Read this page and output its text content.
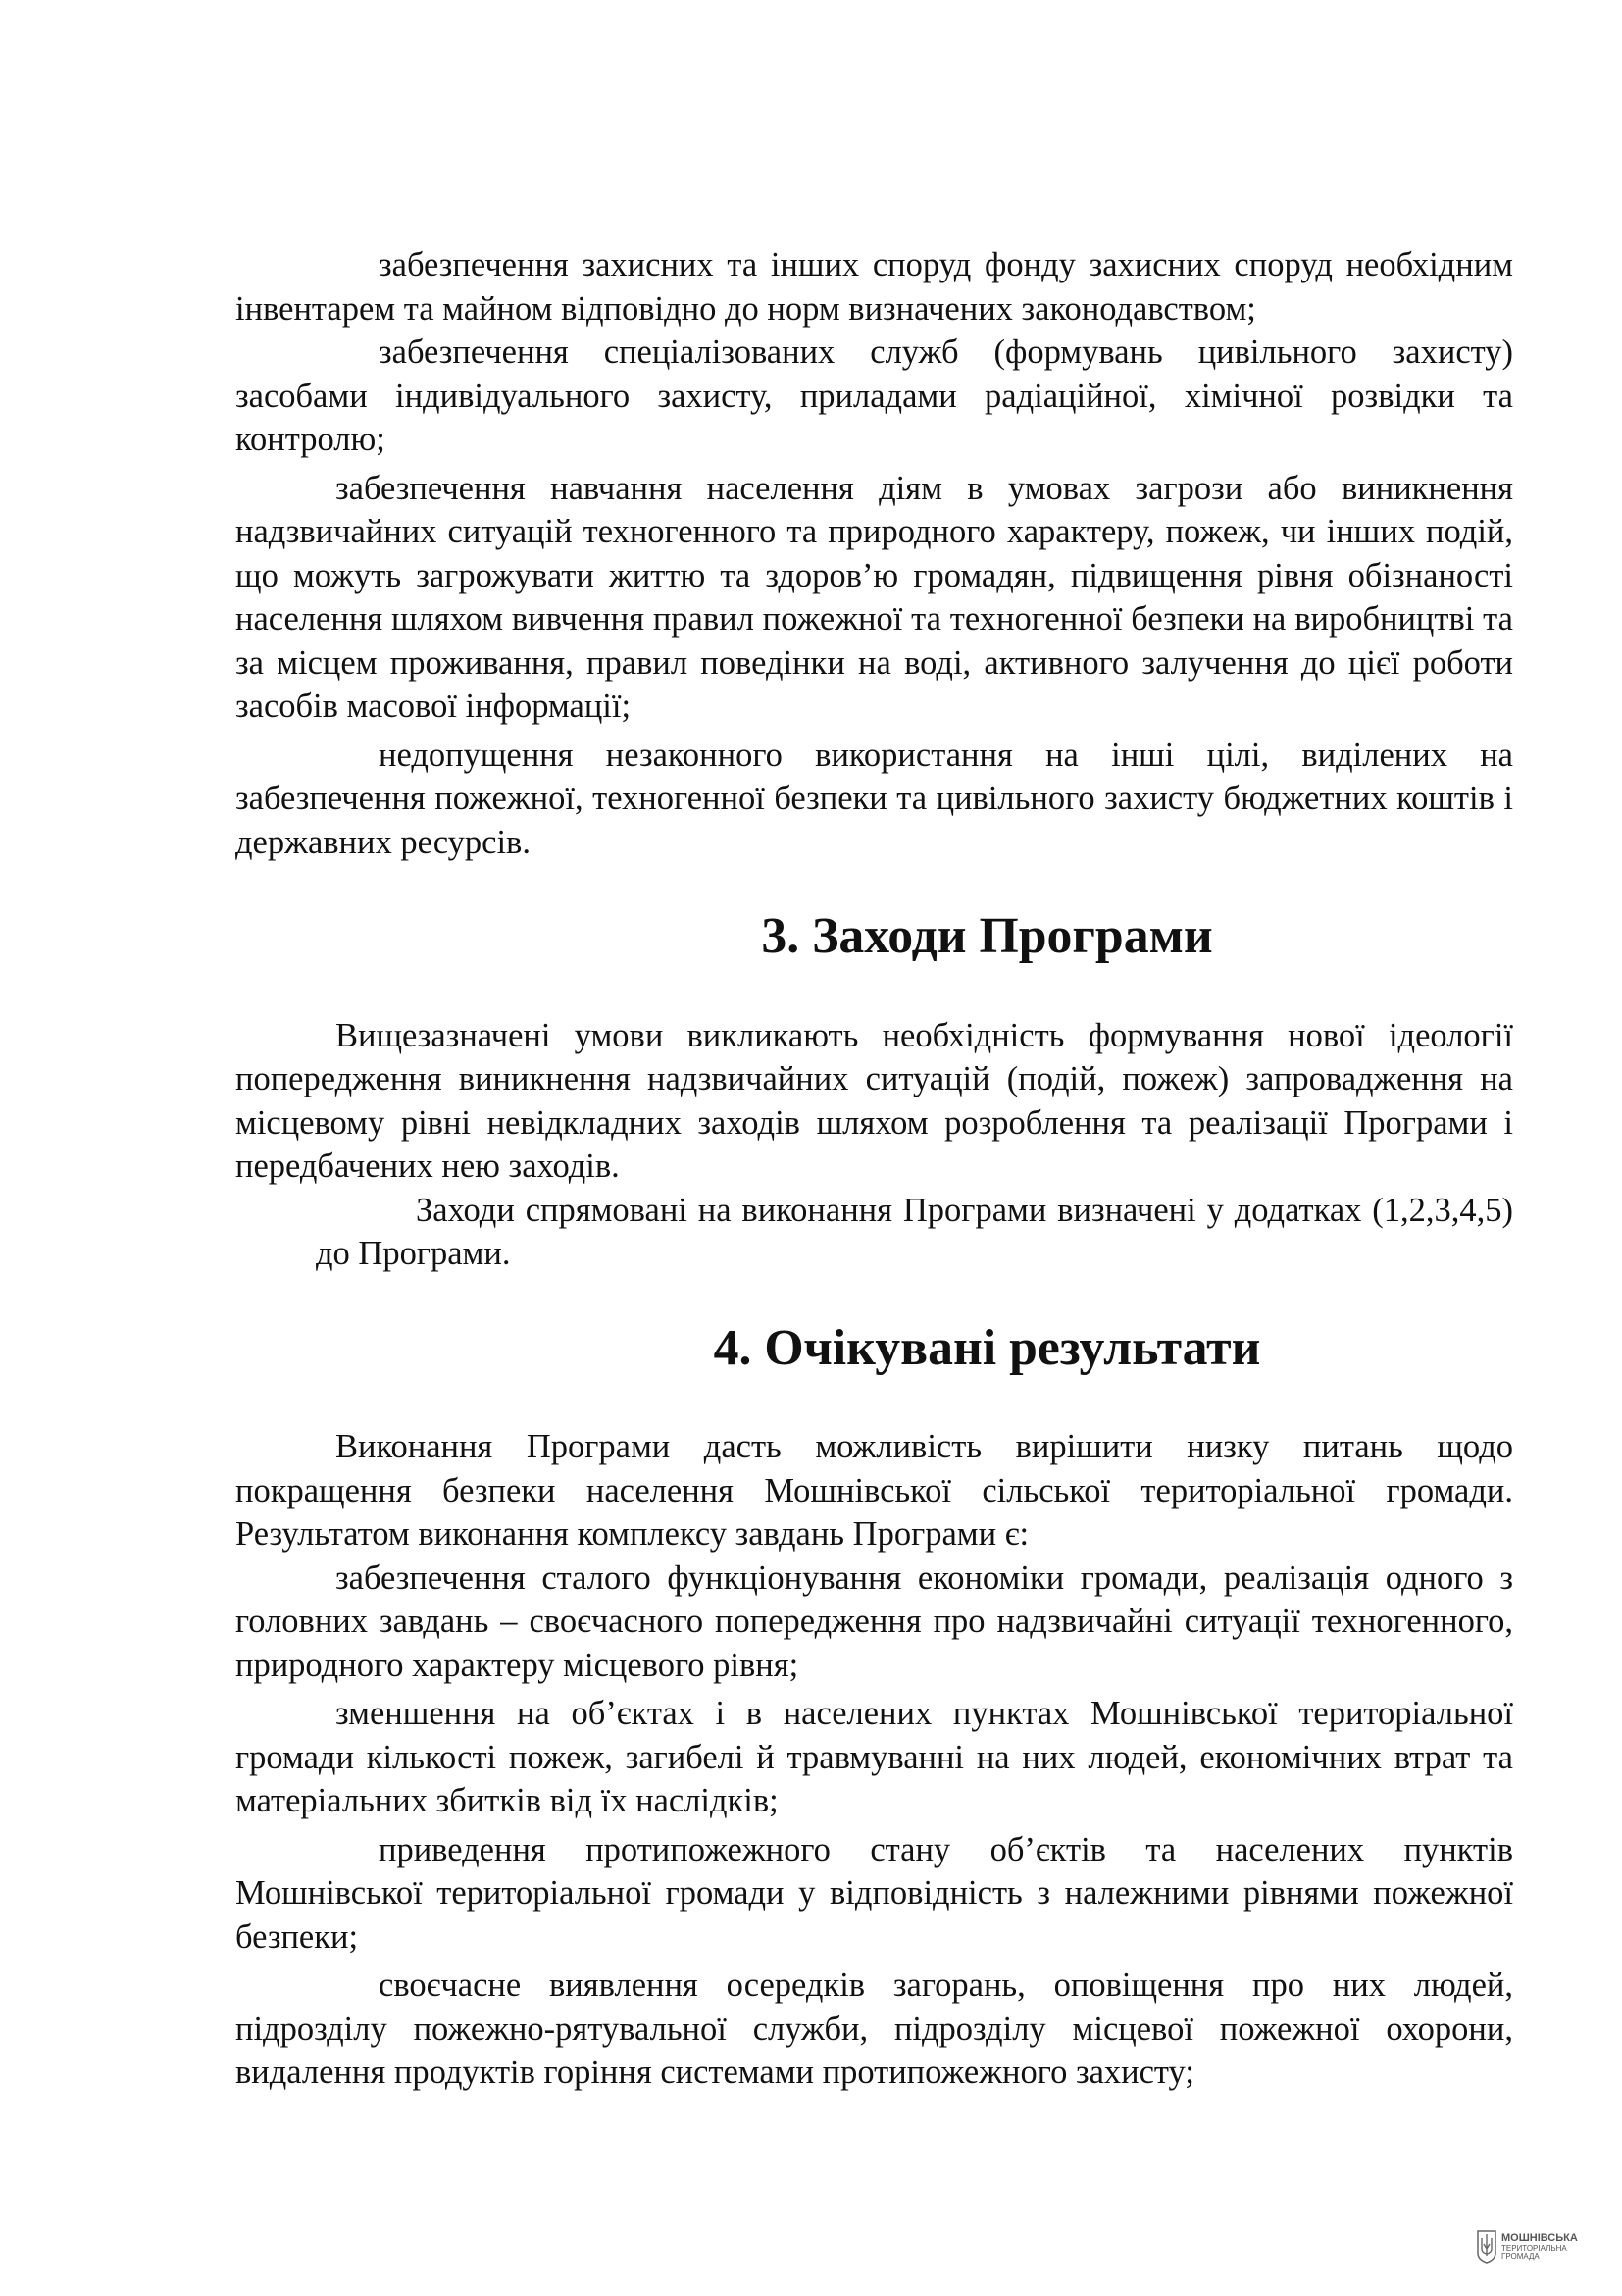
забезпечення захисних та інших споруд фонду захисних споруд необхідним інвентарем та майном відповідно до норм визначених законодавством;

забезпечення спеціалізованих служб (формувань цивільного захисту) засобами індивідуального захисту, приладами радіаційної, хімічної розвідки та контролю;

забезпечення навчання населення діям в умовах загрози або виникнення надзвичайних ситуацій техногенного та природного характеру, пожеж, чи інших подій, що можуть загрожувати життю та здоров’ю громадян, підвищення рівня обізнаності населення шляхом вивчення правил пожежної та техногенної безпеки на виробництві та за місцем проживання, правил поведінки на воді, активного залучення до цієї роботи засобів масової інформації;

недопущення незаконного використання на інші цілі, виділених на забезпечення пожежної, техногенної безпеки та цивільного захисту бюджетних коштів і державних ресурсів.

3. Заходи Програми

Вищезазначені умови викликають необхідність формування нової ідеології попередження виникнення надзвичайних ситуацій (подій, пожеж) запровадження на місцевому рівні невідкладних заходів шляхом розроблення та реалізації Програми і передбачених нею заходів.

Заходи спрямовані на виконання Програми визначені у додатках (1,2,3,4,5) до Програми.

4. Очікувані результати

Виконання Програми дасть можливість вирішити низку питань щодо покращення безпеки населення Мошнівської сільської територіальної громади. Результатом виконання комплексу завдань Програми є:

забезпечення сталого функціонування економіки громади, реалізація одного з головних завдань – своєчасного попередження про надзвичайні ситуації техногенного, природного характеру місцевого рівня;

зменшення на об’єктах і в населених пунктах Мошнівської територіальної громади кількості пожеж, загибелі й травмуванні на них людей, економічних втрат та матеріальних збитків від їх наслідків;

приведення протипожежного стану об’єктів та населених пунктів Мошнівської територіальної громади у відповідність з належними рівнями пожежної безпеки;

своєчасне виявлення осередків загорань, оповіщення про них людей, підрозділу пожежно-рятувальної служби, підрозділу місцевої пожежної охорони, видалення продуктів горіння системами протипожежного захисту;

МОШНІВСЬКА
ТЕРИТОРІАЛЬНА
ГРОМАДА
